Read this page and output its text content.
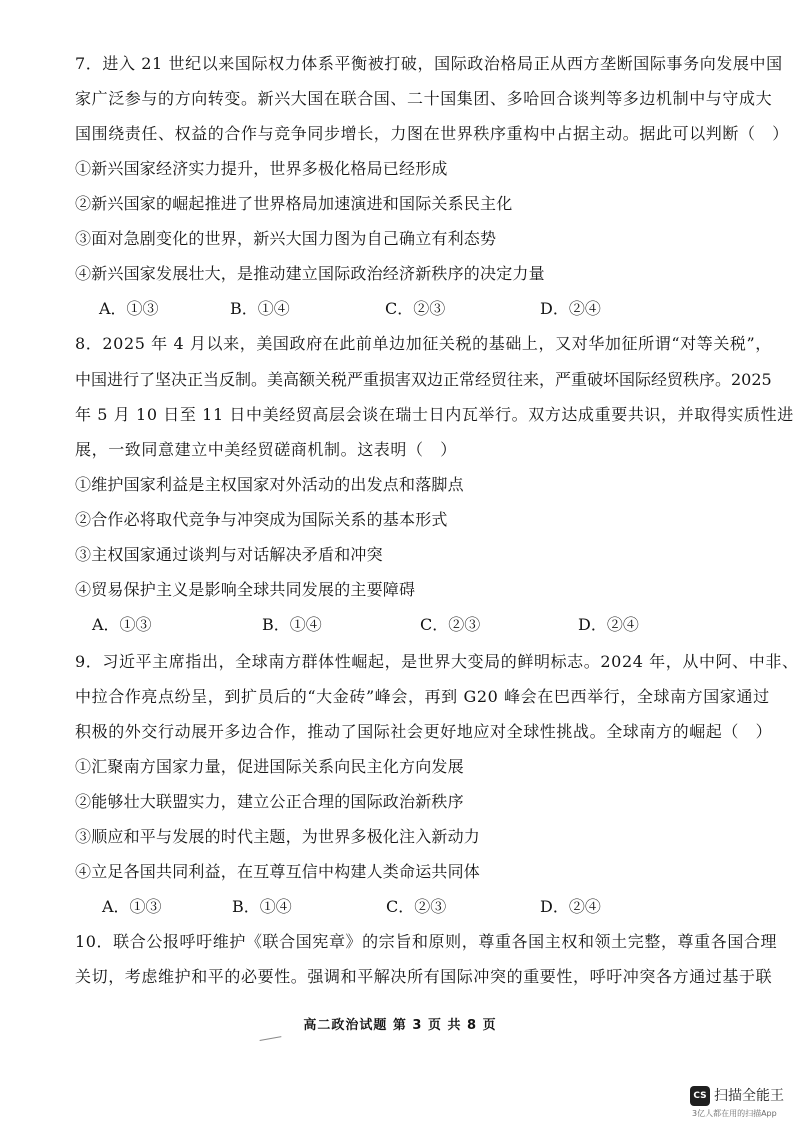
7．进入 21 世纪以来国际权力体系平衡被打破，国际政治格局正从西方垄断国际事务向发展中国
家广泛参与的方向转变。新兴大国在联合国、二十国集团、多哈回合谈判等多边机制中与守成大
国围绕责任、权益的合作与竞争同步增长，力图在世界秩序重构中占据主动。据此可以判断（　）
①新兴国家经济实力提升，世界多极化格局已经形成
②新兴国家的崛起推进了世界格局加速演进和国际关系民主化
③面对急剧变化的世界，新兴大国力图为自己确立有利态势
④新兴国家发展壮大，是推动建立国际政治经济新秩序的决定力量
A．①③	B．①④	C．②③	D．②④
8．2025 年 4 月以来，美国政府在此前单边加征关税的基础上，又对华加征所谓“对等关税”，
中国进行了坚决正当反制。美高额关税严重损害双边正常经贸往来，严重破坏国际经贸秩序。2025
年 5 月 10 日至 11 日中美经贸高层会谈在瑞士日内瓦举行。双方达成重要共识，并取得实质性进
展，一致同意建立中美经贸磋商机制。这表明（　）
①维护国家利益是主权国家对外活动的出发点和落脚点
②合作必将取代竞争与冲突成为国际关系的基本形式
③主权国家通过谈判与对话解决矛盾和冲突
④贸易保护主义是影响全球共同发展的主要障碍
A．①③	B．①④	C．②③	D．②④
9．习近平主席指出，全球南方群体性崛起，是世界大变局的鲜明标志。2024 年，从中阿、中非、
中拉合作亮点纷呈，到扩员后的“大金砖”峰会，再到 G20 峰会在巴西举行，全球南方国家通过
积极的外交行动展开多边合作，推动了国际社会更好地应对全球性挑战。全球南方的崛起（　）
①汇聚南方国家力量，促进国际关系向民主化方向发展
②能够壮大联盟实力，建立公正合理的国际政治新秩序
③顺应和平与发展的时代主题，为世界多极化注入新动力
④立足各国共同利益，在互尊互信中构建人类命运共同体
A．①③	B．①④	C．②③	D．②④
10．联合公报呼吁维护《联合国宪章》的宗旨和原则，尊重各国主权和领土完整，尊重各国合理
关切，考虑维护和平的必要性。强调和平解决所有国际冲突的重要性，呼吁冲突各方通过基于联
高二政治试题 第 3 页 共 8 页
CS 扫描全能王
3亿人都在用的扫描App
